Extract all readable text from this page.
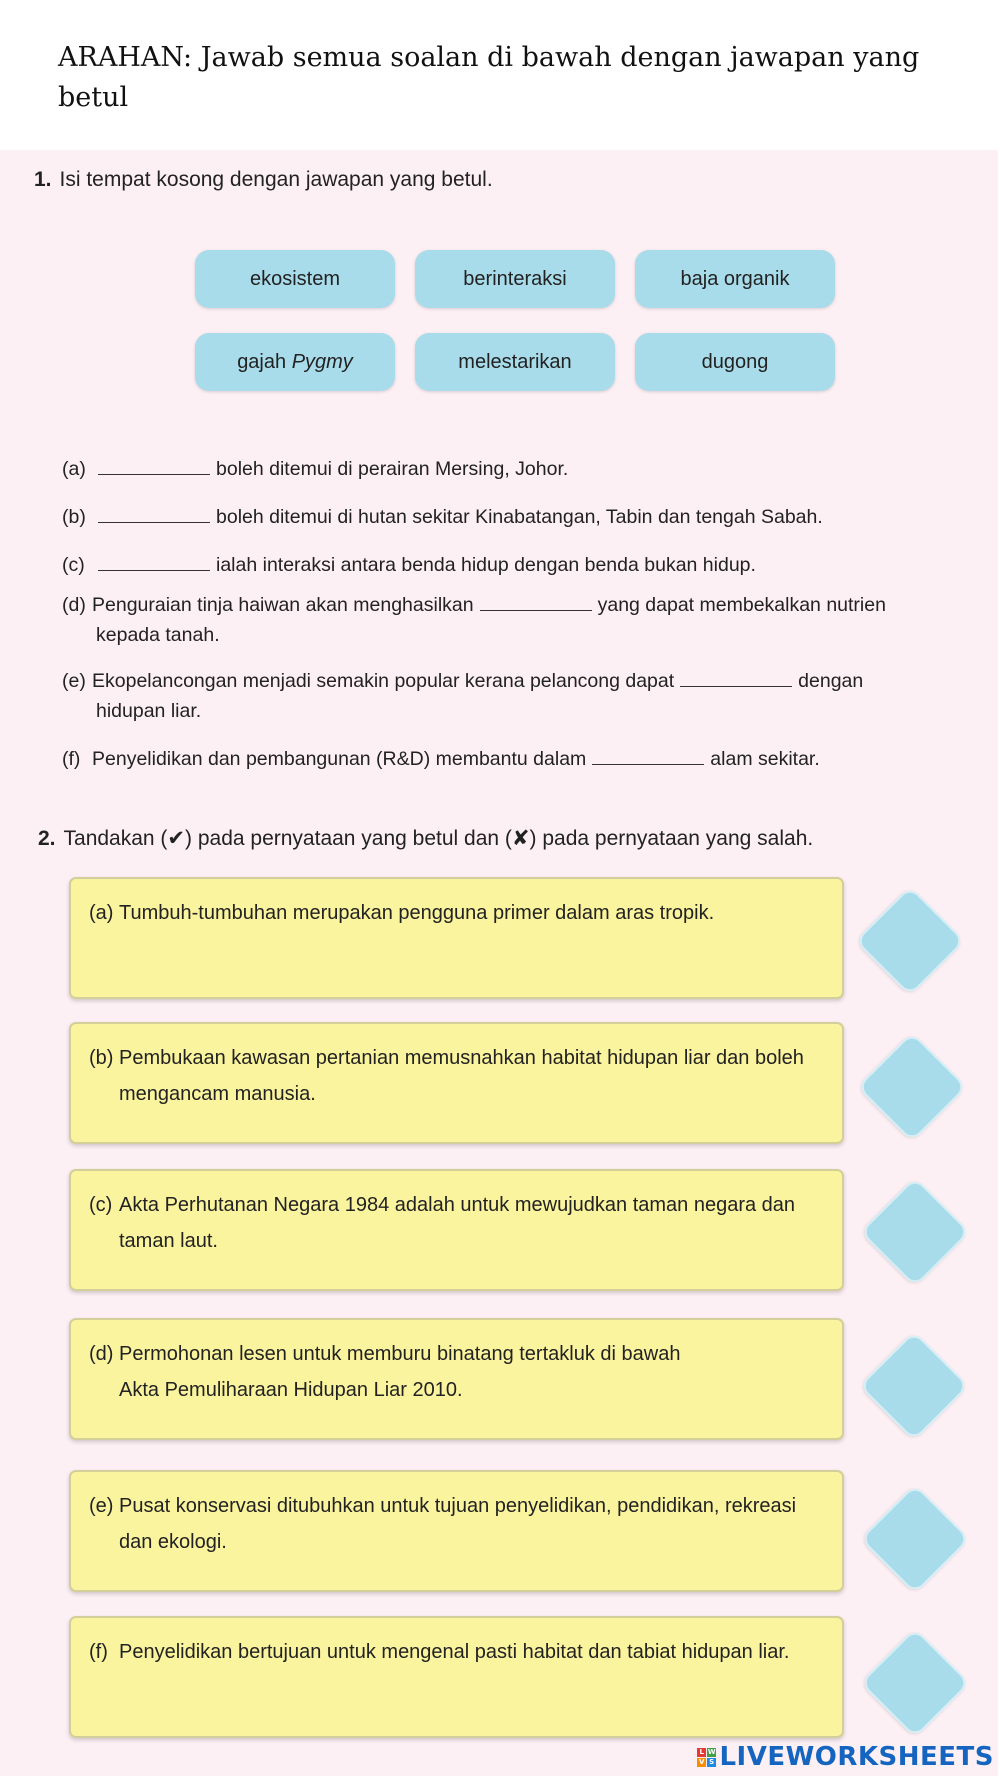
ARAHAN: Jawab semua soalan di bawah dengan jawapan yang betul
1. Isi tempat kosong dengan jawapan yang betul.
ekosistem	berinteraksi	baja organik
gajah
Pygmy	melestarikan	dugong
(a)	boleh ditemui di perairan Mersing, Johor.
(b)	boleh ditemui di hutan sekitar Kinabatangan, Tabin dan tengah Sabah.
(c)	ialah interaksi antara benda hidup dengan benda bukan hidup.
(d) Penguraian tinja haiwan akan menghasilkan	yang dapat membekalkan nutrien
kepada tanah.
(e) Ekopelancongan menjadi semakin popular kerana pelancong dapat	dengan
hidupan liar.
(f) Penyelidikan dan pembangunan (R&D) membantu dalam	alam sekitar.
2. Tandakan (✔) pada pernyataan yang betul dan (✘) pada pernyataan yang salah.
(a) Tumbuh-tumbuhan merupakan pengguna primer dalam aras tropik.
(b) Pembukaan kawasan pertanian memusnahkan habitat hidupan liar dan boleh
mengancam manusia.
(c) Akta Perhutanan Negara 1984 adalah untuk mewujudkan taman negara dan
taman laut.
(d) Permohonan lesen untuk memburu binatang tertakluk di bawah
Akta Pemuliharaan Hidupan Liar 2010.
(e) Pusat konservasi ditubuhkan untuk tujuan penyelidikan, pendidikan, rekreasi
dan ekologi.
(f) Penyelidikan bertujuan untuk mengenal pasti habitat dan tabiat hidupan liar.
L W
V S LIVEWORKSHEETS
